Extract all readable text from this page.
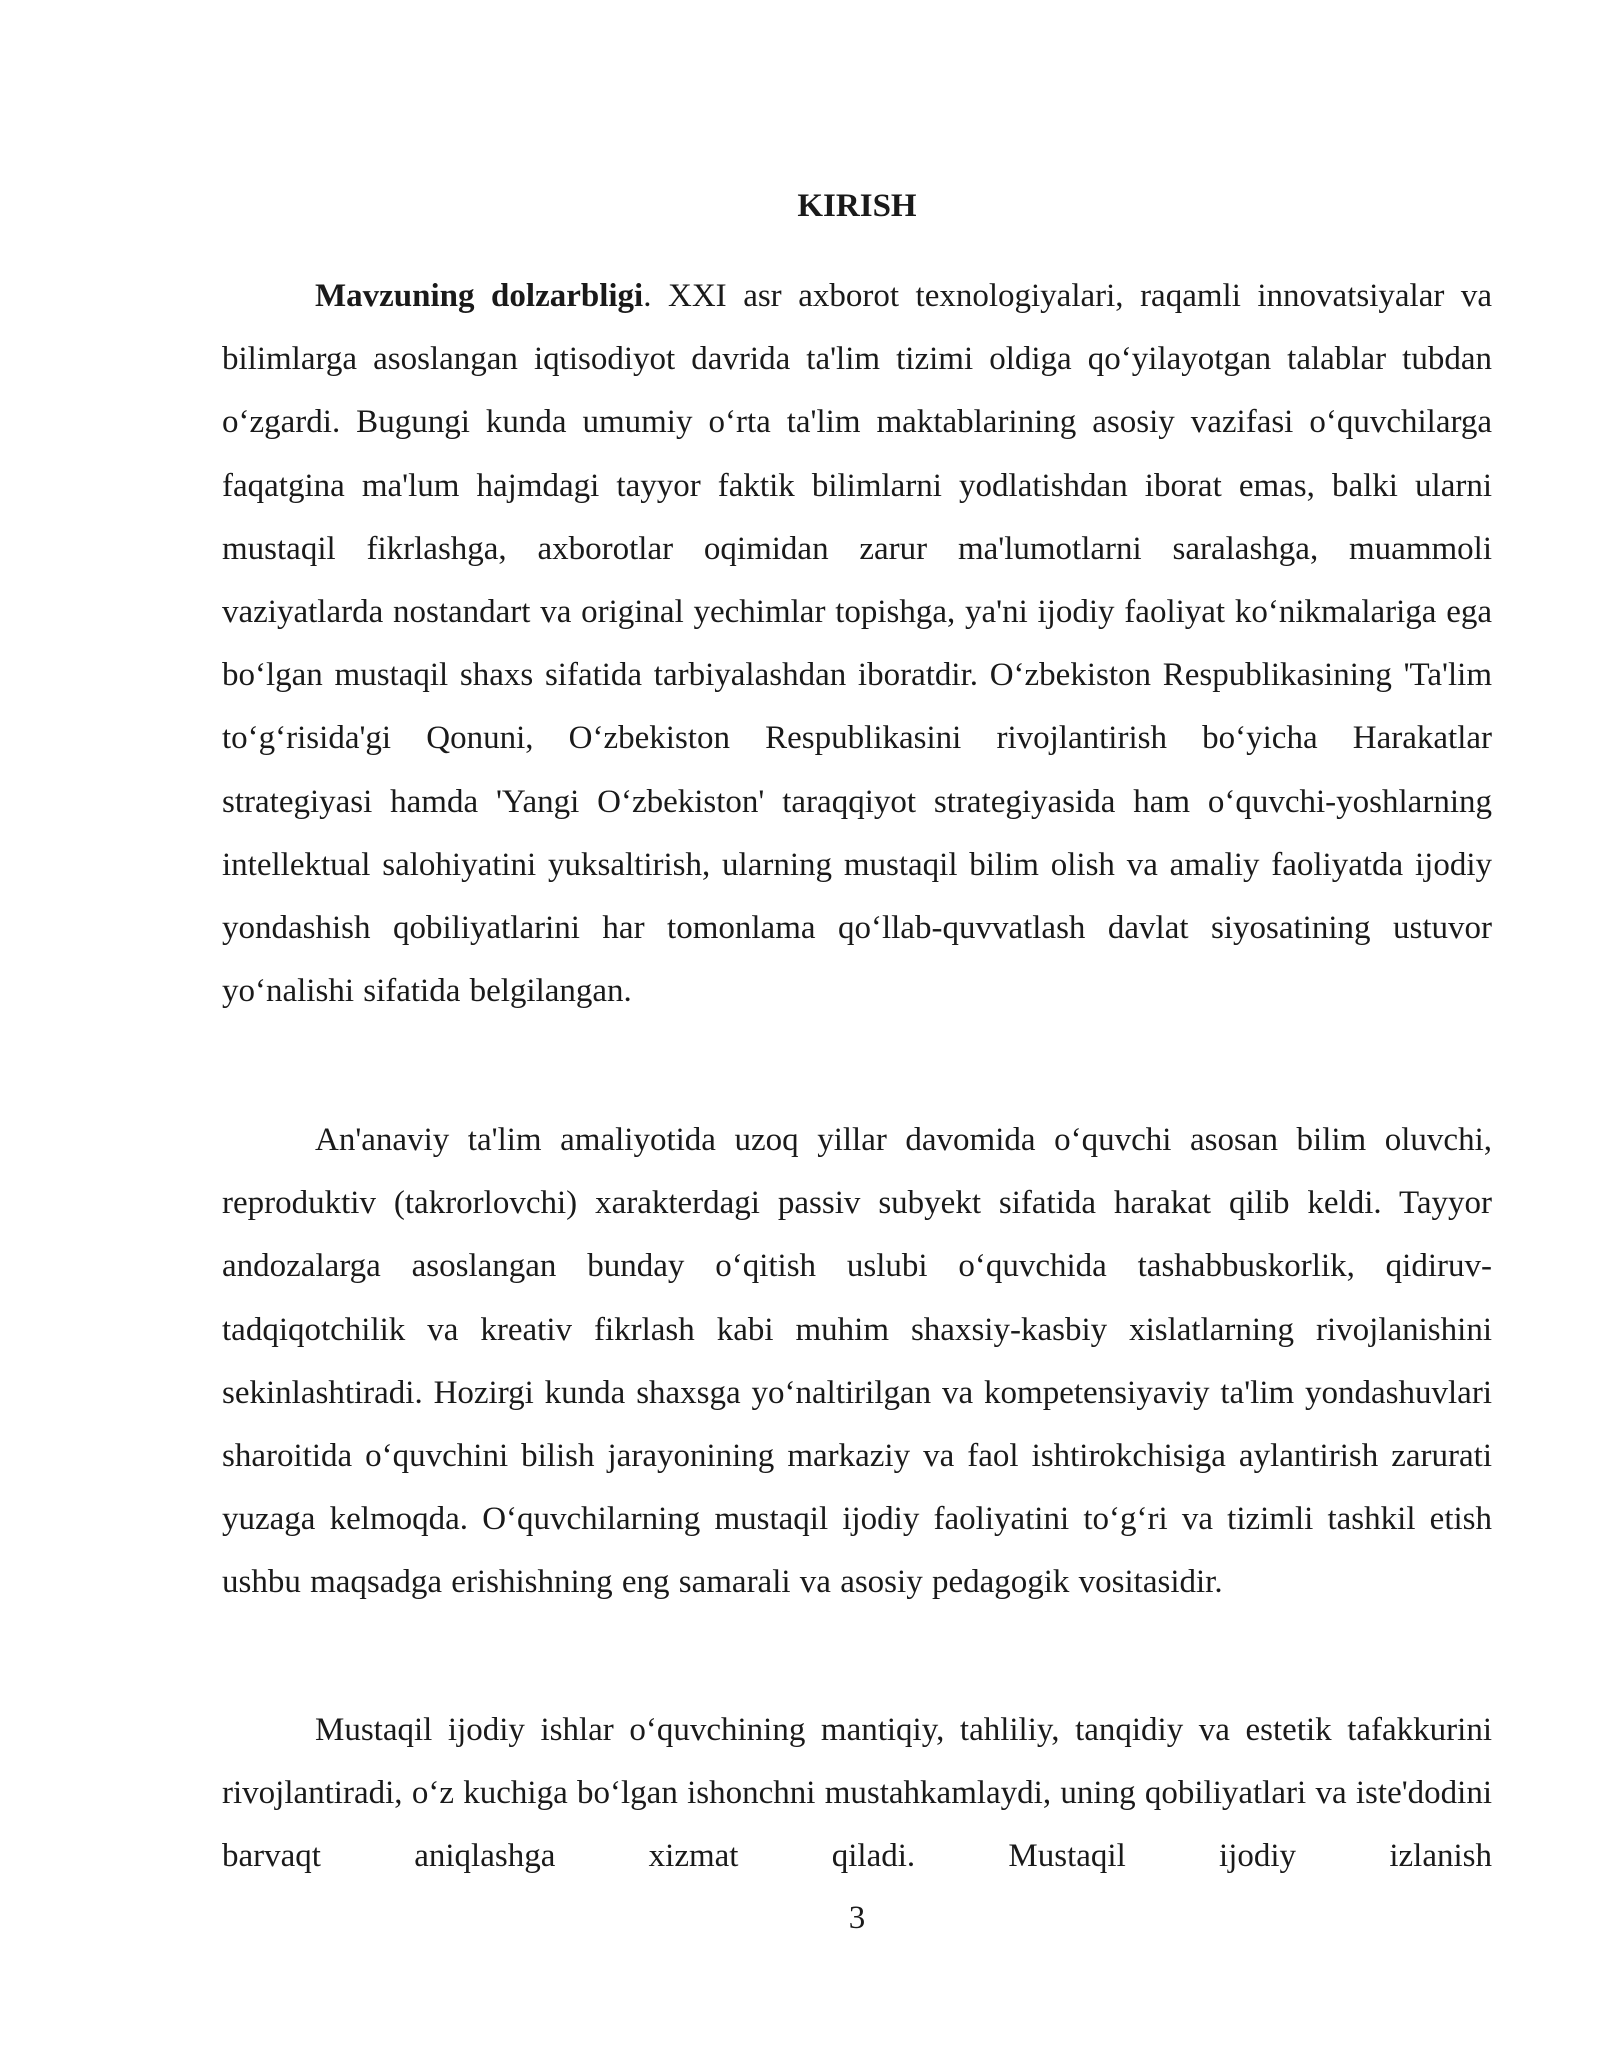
KIRISH

Mavzuning dolzarbligi. XXI asr axborot texnologiyalari, raqamli innovatsiyalar va bilimlarga asoslangan iqtisodiyot davrida ta'lim tizimi oldiga qo‘yilayotgan talablar tubdan o‘zgardi. Bugungi kunda umumiy o‘rta ta'lim maktablarining asosiy vazifasi o‘quvchilarga faqatgina ma'lum hajmdagi tayyor faktik bilimlarni yodlatishdan iborat emas, balki ularni mustaqil fikrlashga, axborotlar oqimidan zarur ma'lumotlarni saralashga, muammoli vaziyatlarda nostandart va original yechimlar topishga, ya'ni ijodiy faoliyat ko‘nikmalariga ega bo‘lgan mustaqil shaxs sifatida tarbiyalashdan iboratdir. O‘zbekiston Respublikasining 'Ta'lim to‘g‘risida'gi Qonuni, O‘zbekiston Respublikasini rivojlantirish bo‘yicha Harakatlar strategiyasi hamda 'Yangi O‘zbekiston' taraqqiyot strategiyasida ham o‘quvchi-yoshlarning intellektual salohiyatini yuksaltirish, ularning mustaqil bilim olish va amaliy faoliyatda ijodiy yondashish qobiliyatlarini har tomonlama qo‘llab-quvvatlash davlat siyosatining ustuvor yo‘nalishi sifatida belgilangan.

An'anaviy ta'lim amaliyotida uzoq yillar davomida o‘quvchi asosan bilim oluvchi, reproduktiv (takrorlovchi) xarakterdagi passiv subyekt sifatida harakat qilib keldi. Tayyor andozalarga asoslangan bunday o‘qitish uslubi o‘quvchida tashabbuskorlik, qidiruv-tadqiqotchilik va kreativ fikrlash kabi muhim shaxsiy-kasbiy xislatlarning rivojlanishini sekinlashtiradi. Hozirgi kunda shaxsga yo‘naltirilgan va kompetensiyaviy ta'lim yondashuvlari sharoitida o‘quvchini bilish jarayonining markaziy va faol ishtirokchisiga aylantirish zarurati yuzaga kelmoqda. O‘quvchilarning mustaqil ijodiy faoliyatini to‘g‘ri va tizimli tashkil etish ushbu maqsadga erishishning eng samarali va asosiy pedagogik vositasidir.

Mustaqil ijodiy ishlar o‘quvchining mantiqiy, tahliliy, tanqidiy va estetik tafakkurini rivojlantiradi, o‘z kuchiga bo‘lgan ishonchni mustahkamlaydi, uning qobiliyatlari va iste'dodini barvaqt aniqlashga xizmat qiladi. Mustaqil ijodiy izlanish

3
